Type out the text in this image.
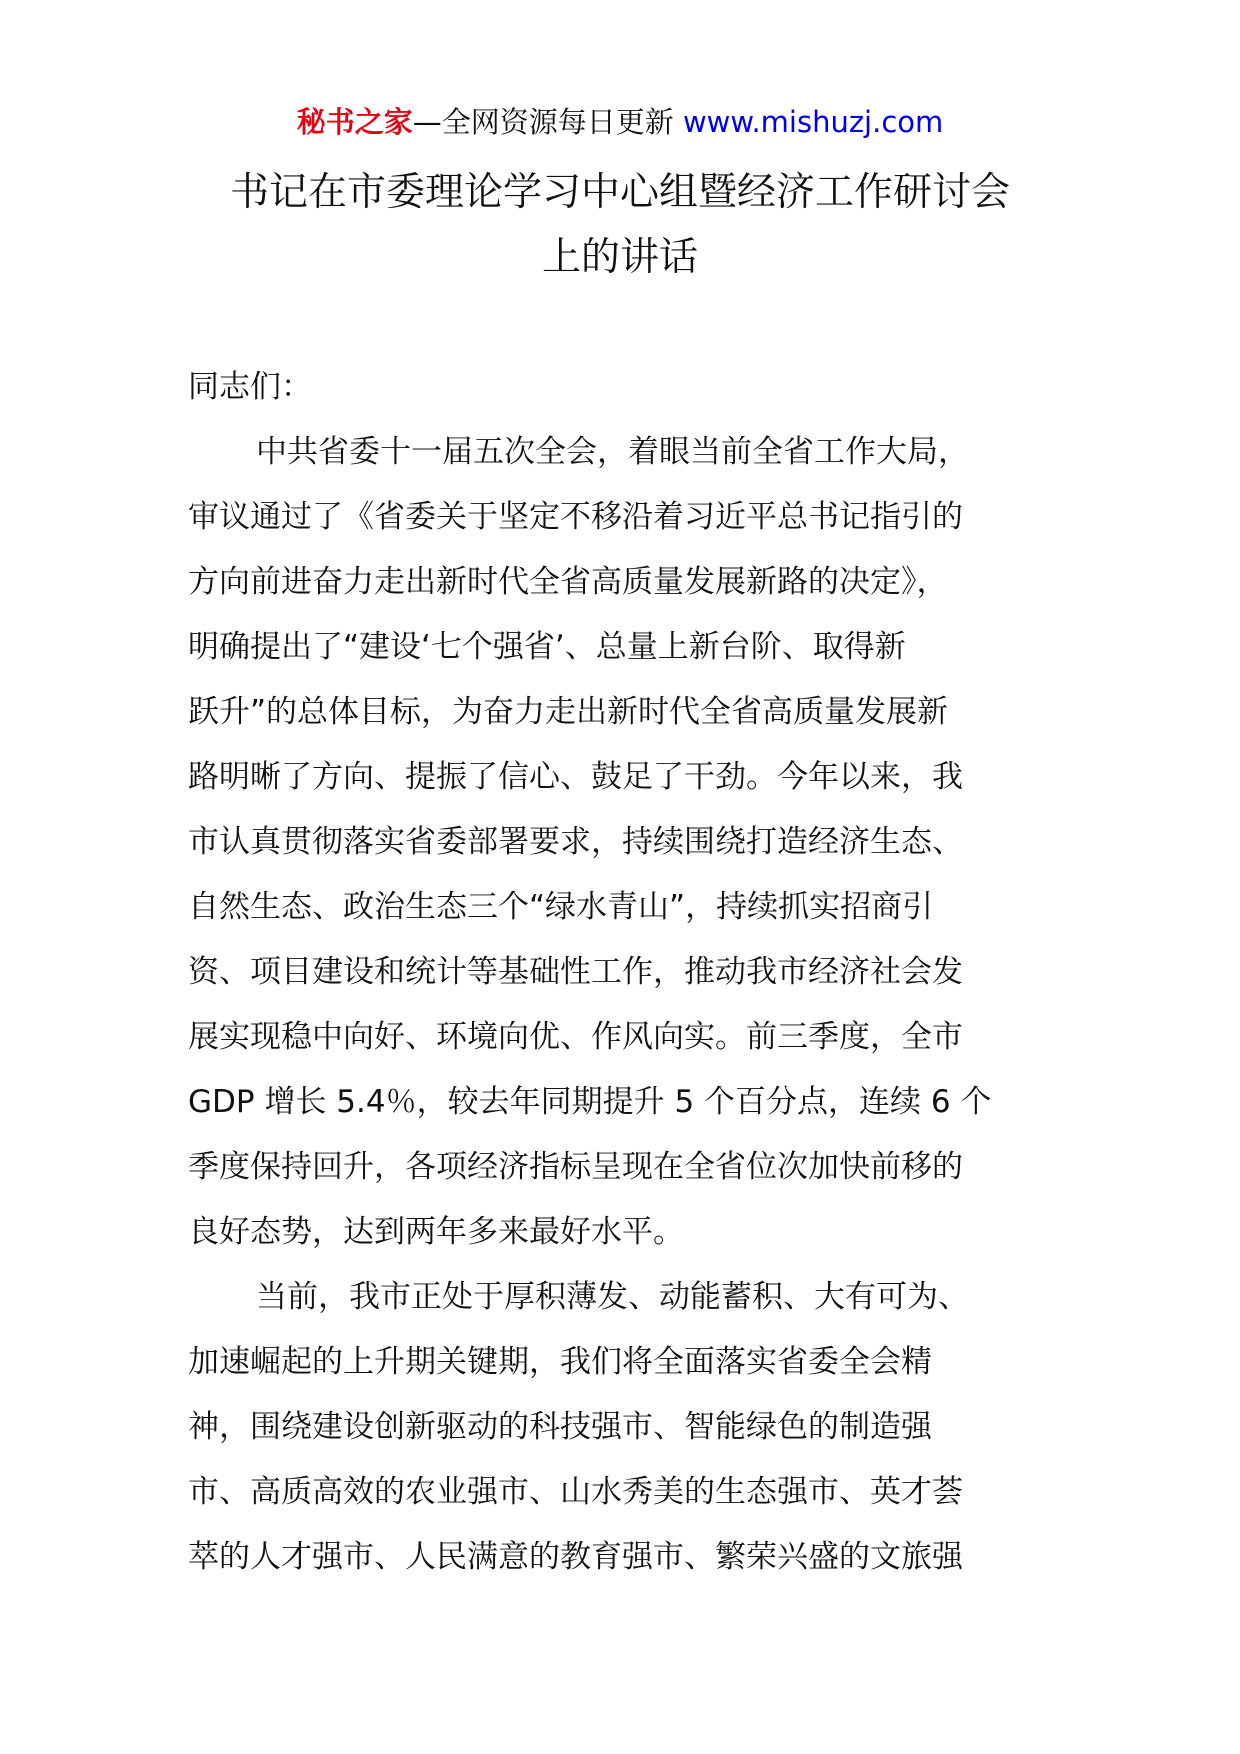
秘书之家—全网资源每日更新 www.mishuzj.com
书记在市委理论学习中心组暨经济工作研讨会
上的讲话
同志们：
中共省委十一届五次全会，着眼当前全省工作大局，
审议通过了《省委关于坚定不移沿着习近平总书记指引的
方向前进奋力走出新时代全省高质量发展新路的决定》，
明确提出了“建设‘七个强省’、总量上新台阶、取得新
跃升”的总体目标，为奋力走出新时代全省高质量发展新
路明晰了方向、提振了信心、鼓足了干劲。今年以来，我
市认真贯彻落实省委部署要求，持续围绕打造经济生态、
自然生态、政治生态三个“绿水青山”，持续抓实招商引
资、项目建设和统计等基础性工作，推动我市经济社会发
展实现稳中向好、环境向优、作风向实。前三季度，全市
GDP 增长 5.4％，较去年同期提升 5 个百分点，连续 6 个
季度保持回升，各项经济指标呈现在全省位次加快前移的
良好态势，达到两年多来最好水平。
当前，我市正处于厚积薄发、动能蓄积、大有可为、
加速崛起的上升期关键期，我们将全面落实省委全会精
神，围绕建设创新驱动的科技强市、智能绿色的制造强
市、高质高效的农业强市、山水秀美的生态强市、英才荟
萃的人才强市、人民满意的教育强市、繁荣兴盛的文旅强
